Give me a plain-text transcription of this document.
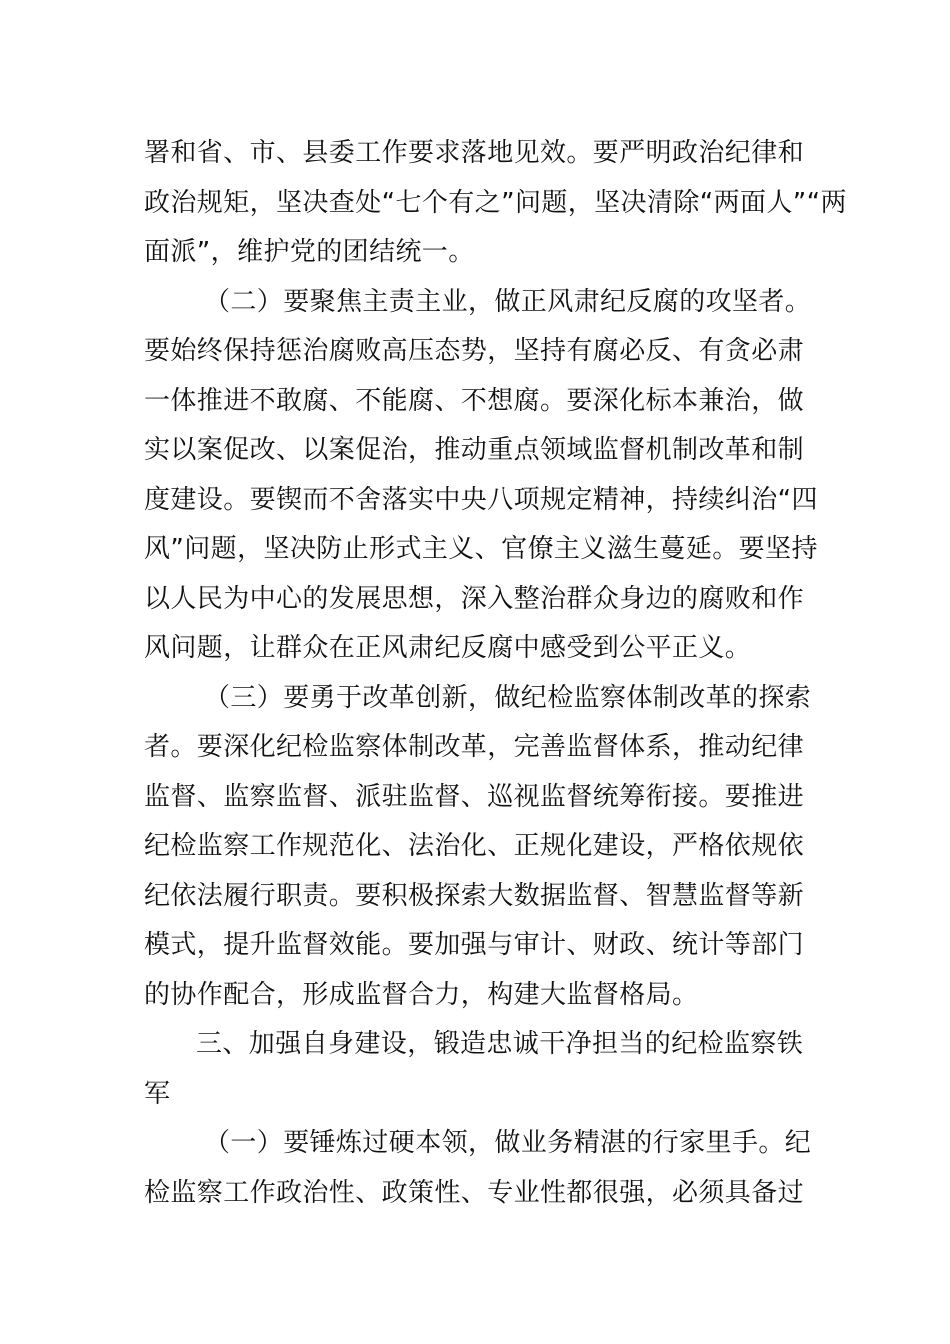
署和省、市、县委工作要求落地见效。要严明政治纪律和
政治规矩，坚决查处“七个有之”问题，坚决清除“两面人”“两
面派”，维护党的团结统一。
（二）要聚焦主责主业，做正风肃纪反腐的攻坚者。
要始终保持惩治腐败高压态势，坚持有腐必反、有贪必肃
一体推进不敢腐、不能腐、不想腐。要深化标本兼治，做
实以案促改、以案促治，推动重点领域监督机制改革和制
度建设。要锲而不舍落实中央八项规定精神，持续纠治“四
风”问题，坚决防止形式主义、官僚主义滋生蔓延。要坚持
以人民为中心的发展思想，深入整治群众身边的腐败和作
风问题，让群众在正风肃纪反腐中感受到公平正义。
（三）要勇于改革创新，做纪检监察体制改革的探索
者。要深化纪检监察体制改革，完善监督体系，推动纪律
监督、监察监督、派驻监督、巡视监督统筹衔接。要推进
纪检监察工作规范化、法治化、正规化建设，严格依规依
纪依法履行职责。要积极探索大数据监督、智慧监督等新
模式，提升监督效能。要加强与审计、财政、统计等部门
的协作配合，形成监督合力，构建大监督格局。
三、加强自身建设，锻造忠诚干净担当的纪检监察铁
军
（一）要锤炼过硬本领，做业务精湛的行家里手。纪
检监察工作政治性、政策性、专业性都很强，必须具备过
